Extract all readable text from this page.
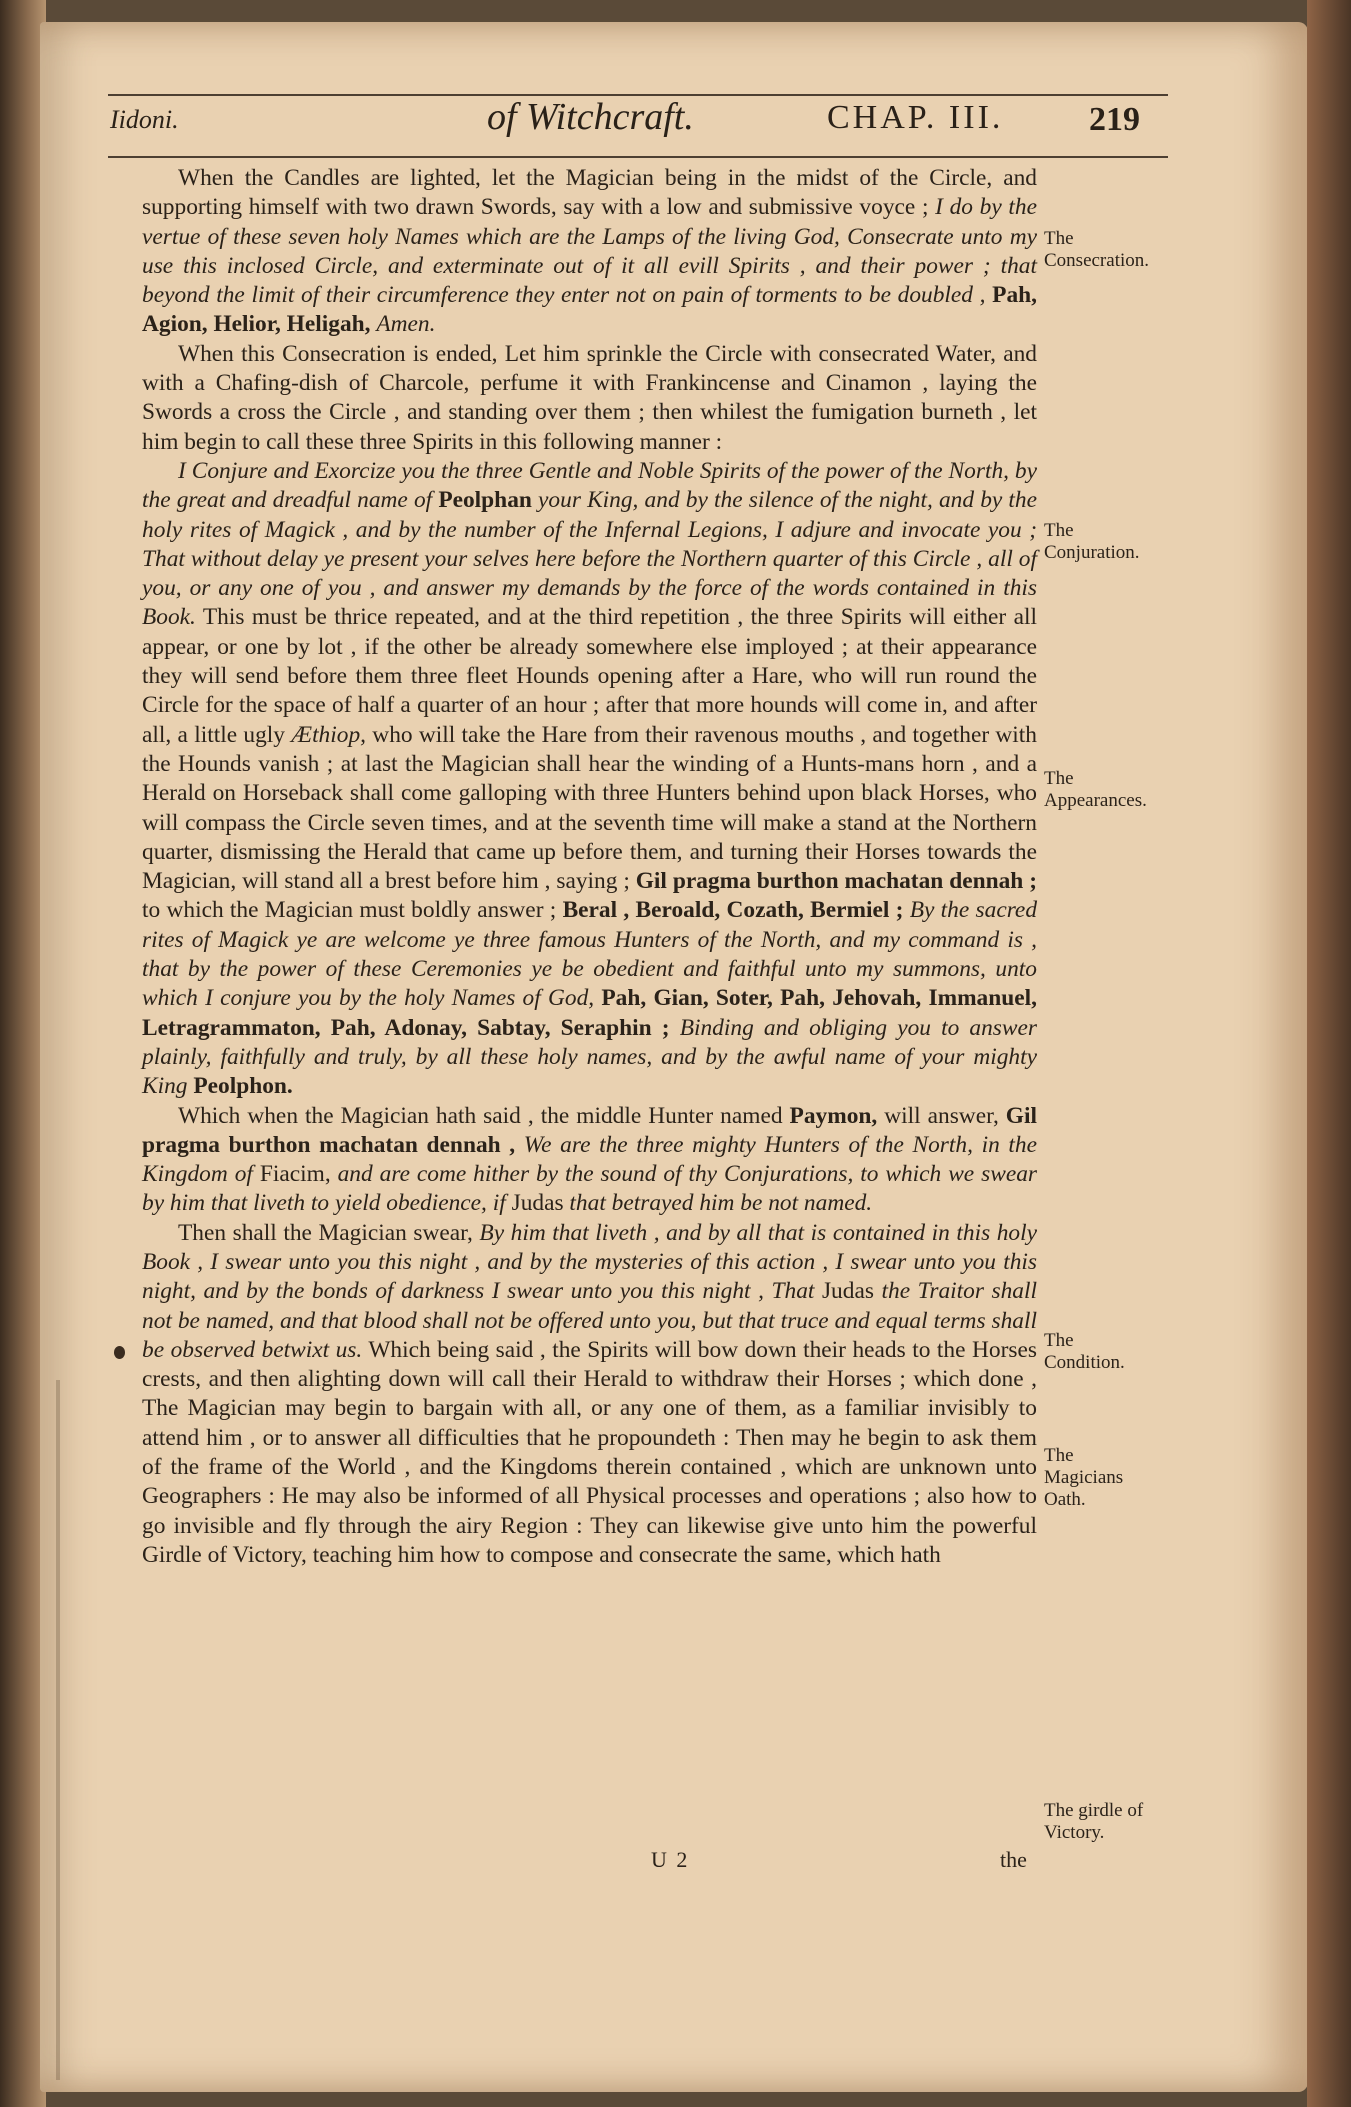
Iidoni.	of Witchcraft.	CHAP. III.	219

When the Candles are lighted, let the Magician being in the midst of the Circle, and supporting himself with two drawn Swords, say with a low and submissive voyce ; I do by the vertue of these seven holy Names which are the Lamps of the living God, Consecrate unto my use this inclosed Circle, and exterminate out of it all evill Spirits , and their power ; that beyond the limit of their circumference they enter not on pain of torments to be doubled , Pah, Agion, Helior, Heligah, Amen.

When this Consecration is ended, Let him sprinkle the Circle with consecrated Water, and with a Chafing-dish of Charcole, perfume it with Frankincense and Cinamon , laying the Swords a cross the Circle , and standing over them ; then whilest the fumigation burneth , let him begin to call these three Spirits in this following manner :

I Conjure and Exorcize you the three Gentle and Noble Spirits of the power of the North, by the great and dreadful name of Peolphan your King, and by the silence of the night, and by the holy rites of Magick , and by the number of the Infernal Legions, I adjure and invocate you ; That without delay ye present your selves here before the Northern quarter of this Circle , all of you, or any one of you , and answer my demands by the force of the words contained in this Book. This must be thrice repeated, and at the third repetition , the three Spirits will either all appear, or one by lot , if the other be already somewhere else imployed ; at their appearance they will send before them three fleet Hounds opening after a Hare, who will run round the Circle for the space of half a quarter of an hour ; after that more hounds will come in, and after all, a little ugly Æthiop, who will take the Hare from their ravenous mouths , and together with the Hounds vanish ; at last the Magician shall hear the winding of a Hunts-mans horn , and a Herald on Horseback shall come galloping with three Hunters behind upon black Horses, who will compass the Circle seven times, and at the seventh time will make a stand at the Northern quarter, dismissing the Herald that came up before them, and turning their Horses towards the Magician, will stand all a brest before him , saying ; Gil pragma burthon machatan dennah ; to which the Magician must boldly answer ; Beral , Beroald, Cozath, Bermiel ; By the sacred rites of Magick ye are welcome ye three famous Hunters of the North, and my command is , that by the power of these Ceremonies ye be obedient and faithful unto my summons, unto which I conjure you by the holy Names of God, Pah, Gian, Soter, Pah, Jehovah, Immanuel, Letragrammaton, Pah, Adonay, Sabtay, Seraphin ; Binding and obliging you to answer plainly, faithfully and truly, by all these holy names, and by the awful name of your mighty King Peolphon.

Which when the Magician hath said , the middle Hunter named Paymon, will answer, Gil pragma burthon machatan dennah , We are the three mighty Hunters of the North, in the Kingdom of Fiacim, and are come hither by the sound of thy Conjurations, to which we swear by him that liveth to yield obedience, if Judas that betrayed him be not named.

Then shall the Magician swear, By him that liveth , and by all that is contained in this holy Book , I swear unto you this night , and by the mysteries of this action , I swear unto you this night, and by the bonds of darkness I swear unto you this night , That Judas the Traitor shall not be named, and that blood shall not be offered unto you, but that truce and equal terms shall be observed betwixt us. Which being said , the Spirits will bow down their heads to the Horses crests, and then alighting down will call their Herald to withdraw their Horses ; which done , The Magician may begin to bargain with all, or any one of them, as a familiar invisibly to attend him , or to answer all difficulties that he propoundeth : Then may he begin to ask them of the frame of the World , and the Kingdoms therein contained , which are unknown unto Geographers : He may also be informed of all Physical processes and operations ; also how to go invisible and fly through the airy Region : They can likewise give unto him the powerful Girdle of Victory, teaching him how to compose and consecrate the same, which hath

The Consecration.
The Conjuration.
The Appearances.
The Condition.
The Magicians Oath.
The girdle of Victory.
U 2	the
